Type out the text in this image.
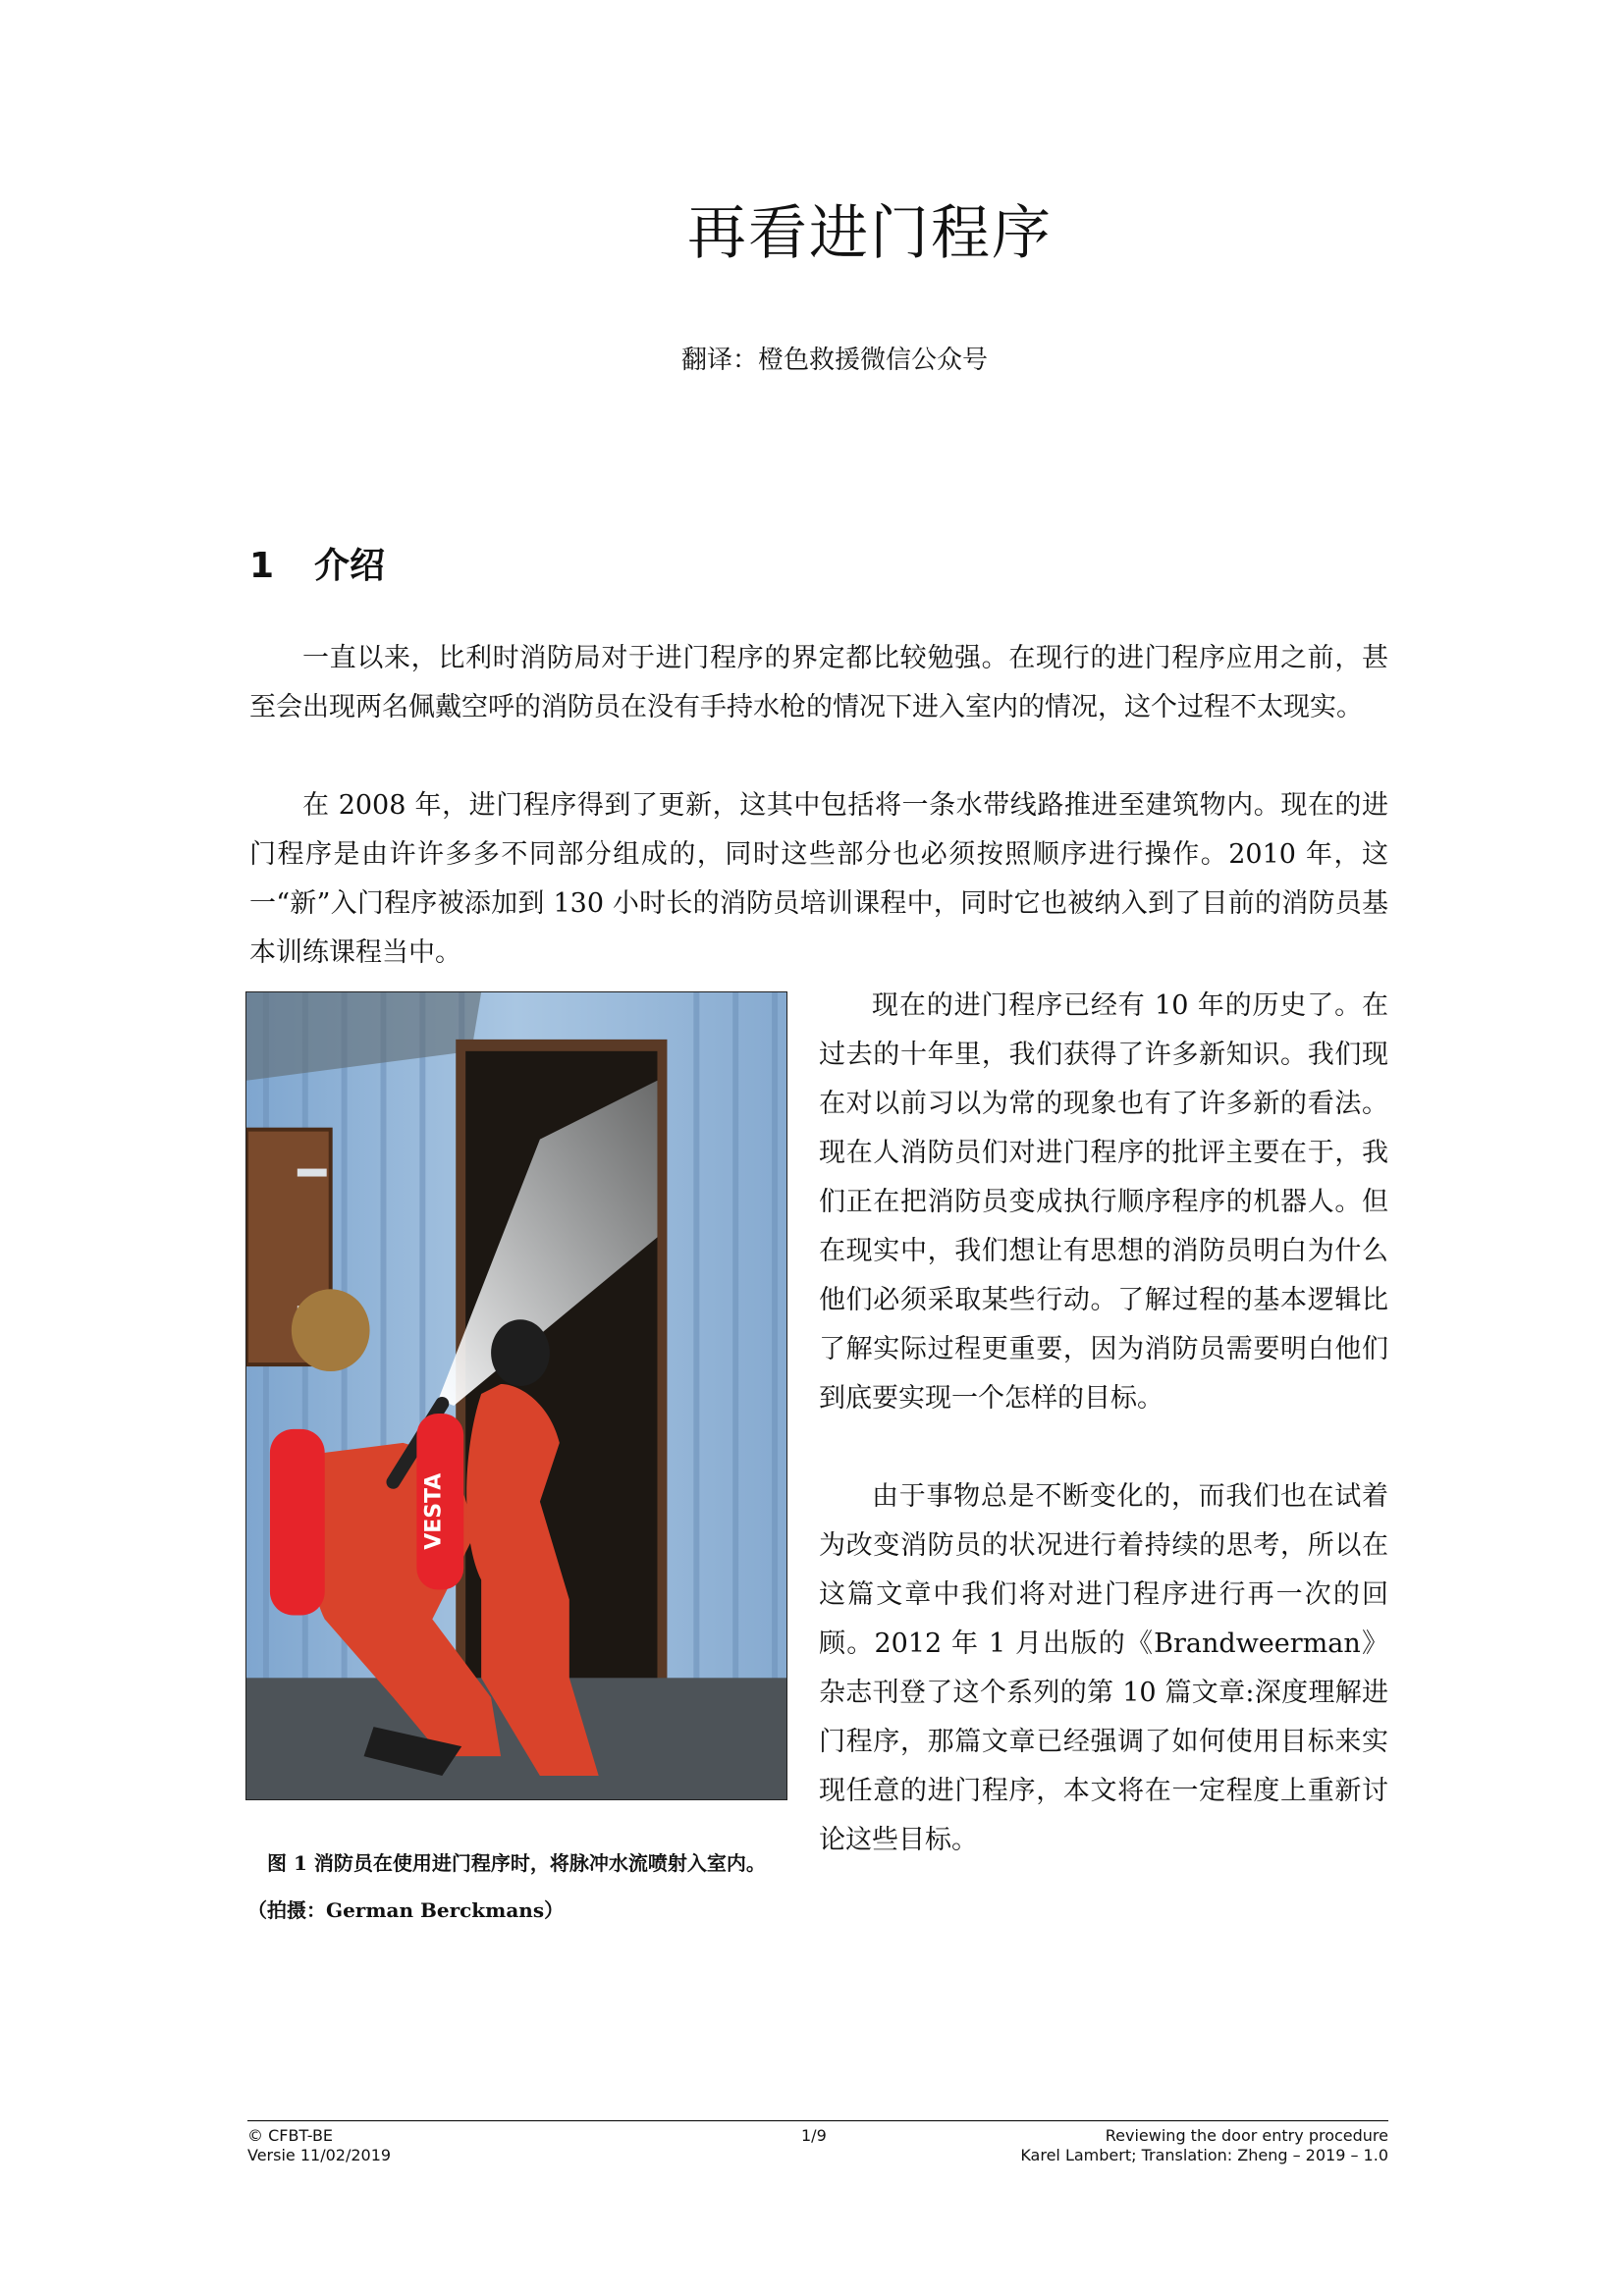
再看进门程序

翻译：橙色救援微信公众号

1 介绍

一直以来，比利时消防局对于进门程序的界定都比较勉强。在现行的进门程序应用之前，甚至会出现两名佩戴空呼的消防员在没有手持水枪的情况下进入室内的情况，这个过程不太现实。

在 2008 年，进门程序得到了更新，这其中包括将一条水带线路推进至建筑物内。现在的进门程序是由许许多多不同部分组成的，同时这些部分也必须按照顺序进行操作。2010 年，这一“新”入门程序被添加到 130 小时长的消防员培训课程中，同时它也被纳入到了目前的消防员基本训练课程当中。

VESTA

现在的进门程序已经有 10 年的历史了。在过去的十年里，我们获得了许多新知识。我们现在对以前习以为常的现象也有了许多新的看法。现在人消防员们对进门程序的批评主要在于，我们正在把消防员变成执行顺序程序的机器人。但在现实中，我们想让有思想的消防员明白为什么他们必须采取某些行动。了解过程的基本逻辑比了解实际过程更重要，因为消防员需要明白他们到底要实现一个怎样的目标。

由于事物总是不断变化的，而我们也在试着为改变消防员的状况进行着持续的思考，所以在这篇文章中我们将对进门程序进行再一次的回顾。2012 年 1 月出版的《Brandweerman》杂志刊登了这个系列的第 10 篇文章:深度理解进门程序，那篇文章已经强调了如何使用目标来实现任意的进门程序，本文将在一定程度上重新讨论这些目标。

图 1 消防员在使用进门程序时，将脉冲水流喷射入室内。
（拍摄：German Berckmans）

© CFBT-BE
Versie 11/02/2019

1/9	Reviewing the door entry procedure
Karel Lambert; Translation: Zheng – 2019 – 1.0
